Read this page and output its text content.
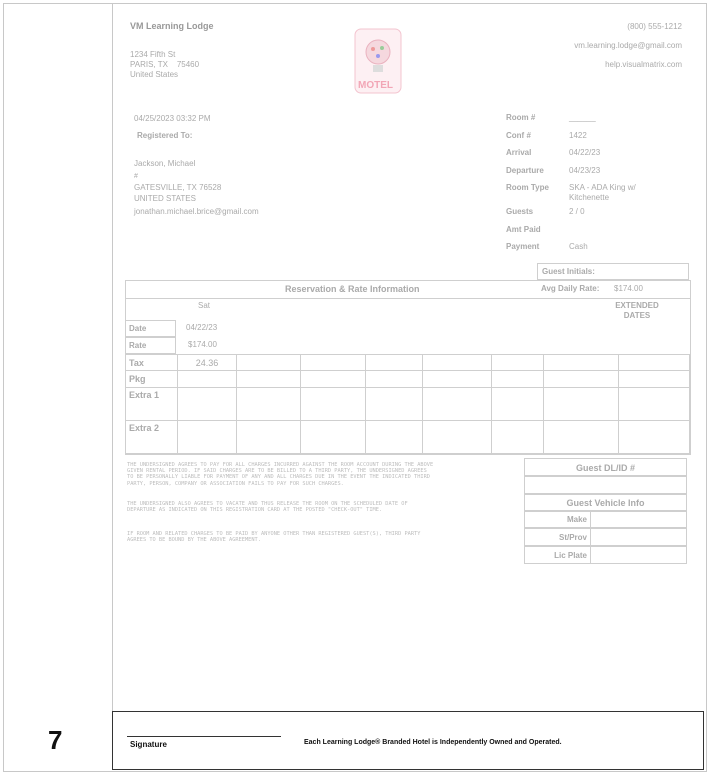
7
VM Learning Lodge
1234 Fifth St
PARIS, TX    75460
United States
MOTEL
(800) 555-1212
vm.learning.lodge@gmail.com
help.visualmatrix.com
04/25/2023 03:32 PM
Registered To:
Jackson, Michael
#
GATESVILLE, TX 76528
UNITED STATES
jonathan.michael.brice@gmail.com
Room #	______
Conf #	1422
Arrival	04/22/23
Departure	04/23/23
Room Type	SKA - ADA King w/ Kitchenette
Guests	2 / 0
Amt Paid
Payment	Cash
Guest Initials:
Reservation & Rate Information	Avg Daily Rate: $174.00
Sat	EXTENDED DATES
Date	04/22/23
Rate	$174.00
Tax	24.36							
Pkg								
Extra 1								
Extra 2								
THE UNDERSIGNED AGREES TO PAY FOR ALL CHARGES INCURRED AGAINST THE ROOM ACCOUNT DURING THE ABOVE
GIVEN RENTAL PERIOD. IF SAID CHARGES ARE TO BE BILLED TO A THIRD PARTY, THE UNDERSIGNED AGREES
TO BE PERSONALLY LIABLE FOR PAYMENT OF ANY AND ALL CHARGES DUE IN THE EVENT THE INDICATED THIRD
PARTY, PERSON, COMPANY OR ASSOCIATION FAILS TO PAY FOR SUCH CHARGES.
THE UNDERSIGNED ALSO AGREES TO VACATE AND THUS RELEASE THE ROOM ON THE SCHEDULED DATE OF
DEPARTURE AS INDICATED ON THIS REGISTRATION CARD AT THE POSTED "CHECK-OUT" TIME.
IF ROOM AND RELATED CHARGES TO BE PAID BY ANYONE OTHER THAN REGISTERED GUEST(S), THIRD PARTY
AGREES TO BE BOUND BY THE ABOVE AGREEMENT.
Guest DL/ID #
Guest Vehicle Info
Make
St/Prov
Lic Plate
Signature	Each Learning Lodge® Branded Hotel is Independently Owned and Operated.
